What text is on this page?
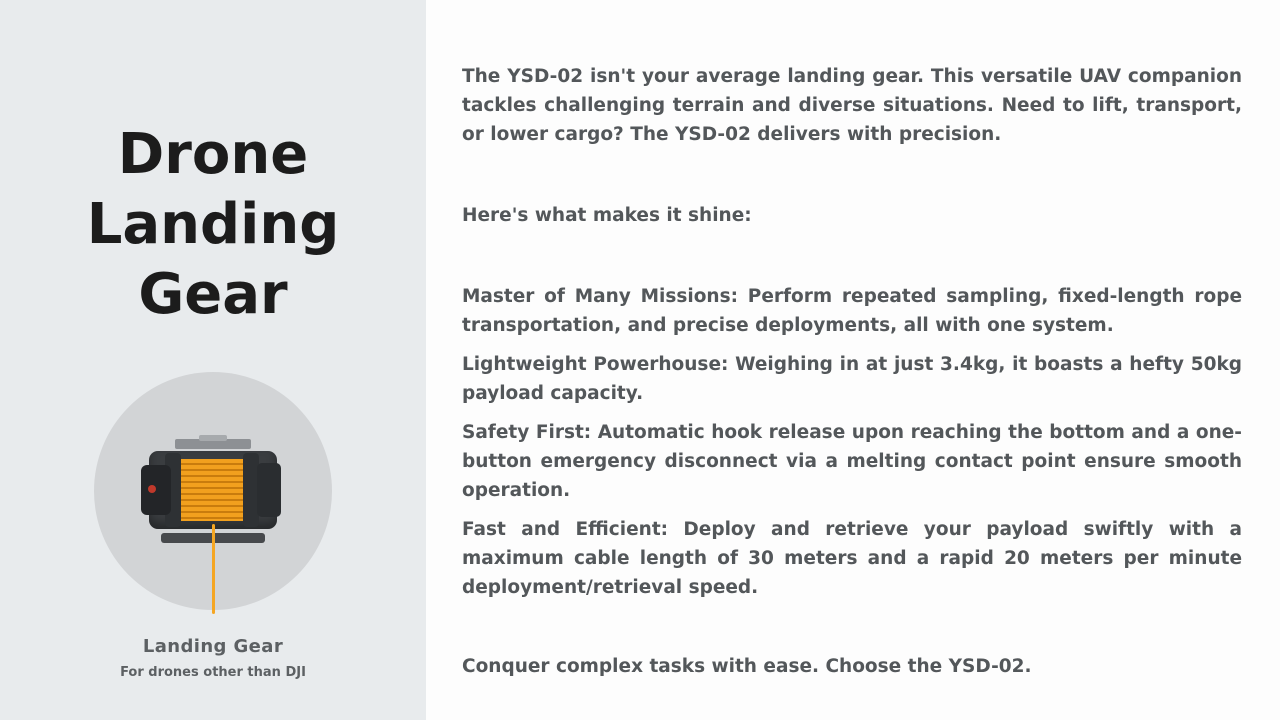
Drone Landing Gear
Landing Gear
For drones other than DJI

The YSD-02 isn't your average landing gear. This versatile UAV companion tackles challenging terrain and diverse situations. Need to lift, transport, or lower cargo? The YSD-02 delivers with precision.

Here's what makes it shine:

Master of Many Missions: Perform repeated sampling, fixed-length rope transportation, and precise deployments, all with one system.

Lightweight Powerhouse: Weighing in at just 3.4kg, it boasts a hefty 50kg payload capacity.

Safety First: Automatic hook release upon reaching the bottom and a one-button emergency disconnect via a melting contact point ensure smooth operation.

Fast and Efficient: Deploy and retrieve your payload swiftly with a maximum cable length of 30 meters and a rapid 20 meters per minute deployment/retrieval speed.

Conquer complex tasks with ease. Choose the YSD-02.
